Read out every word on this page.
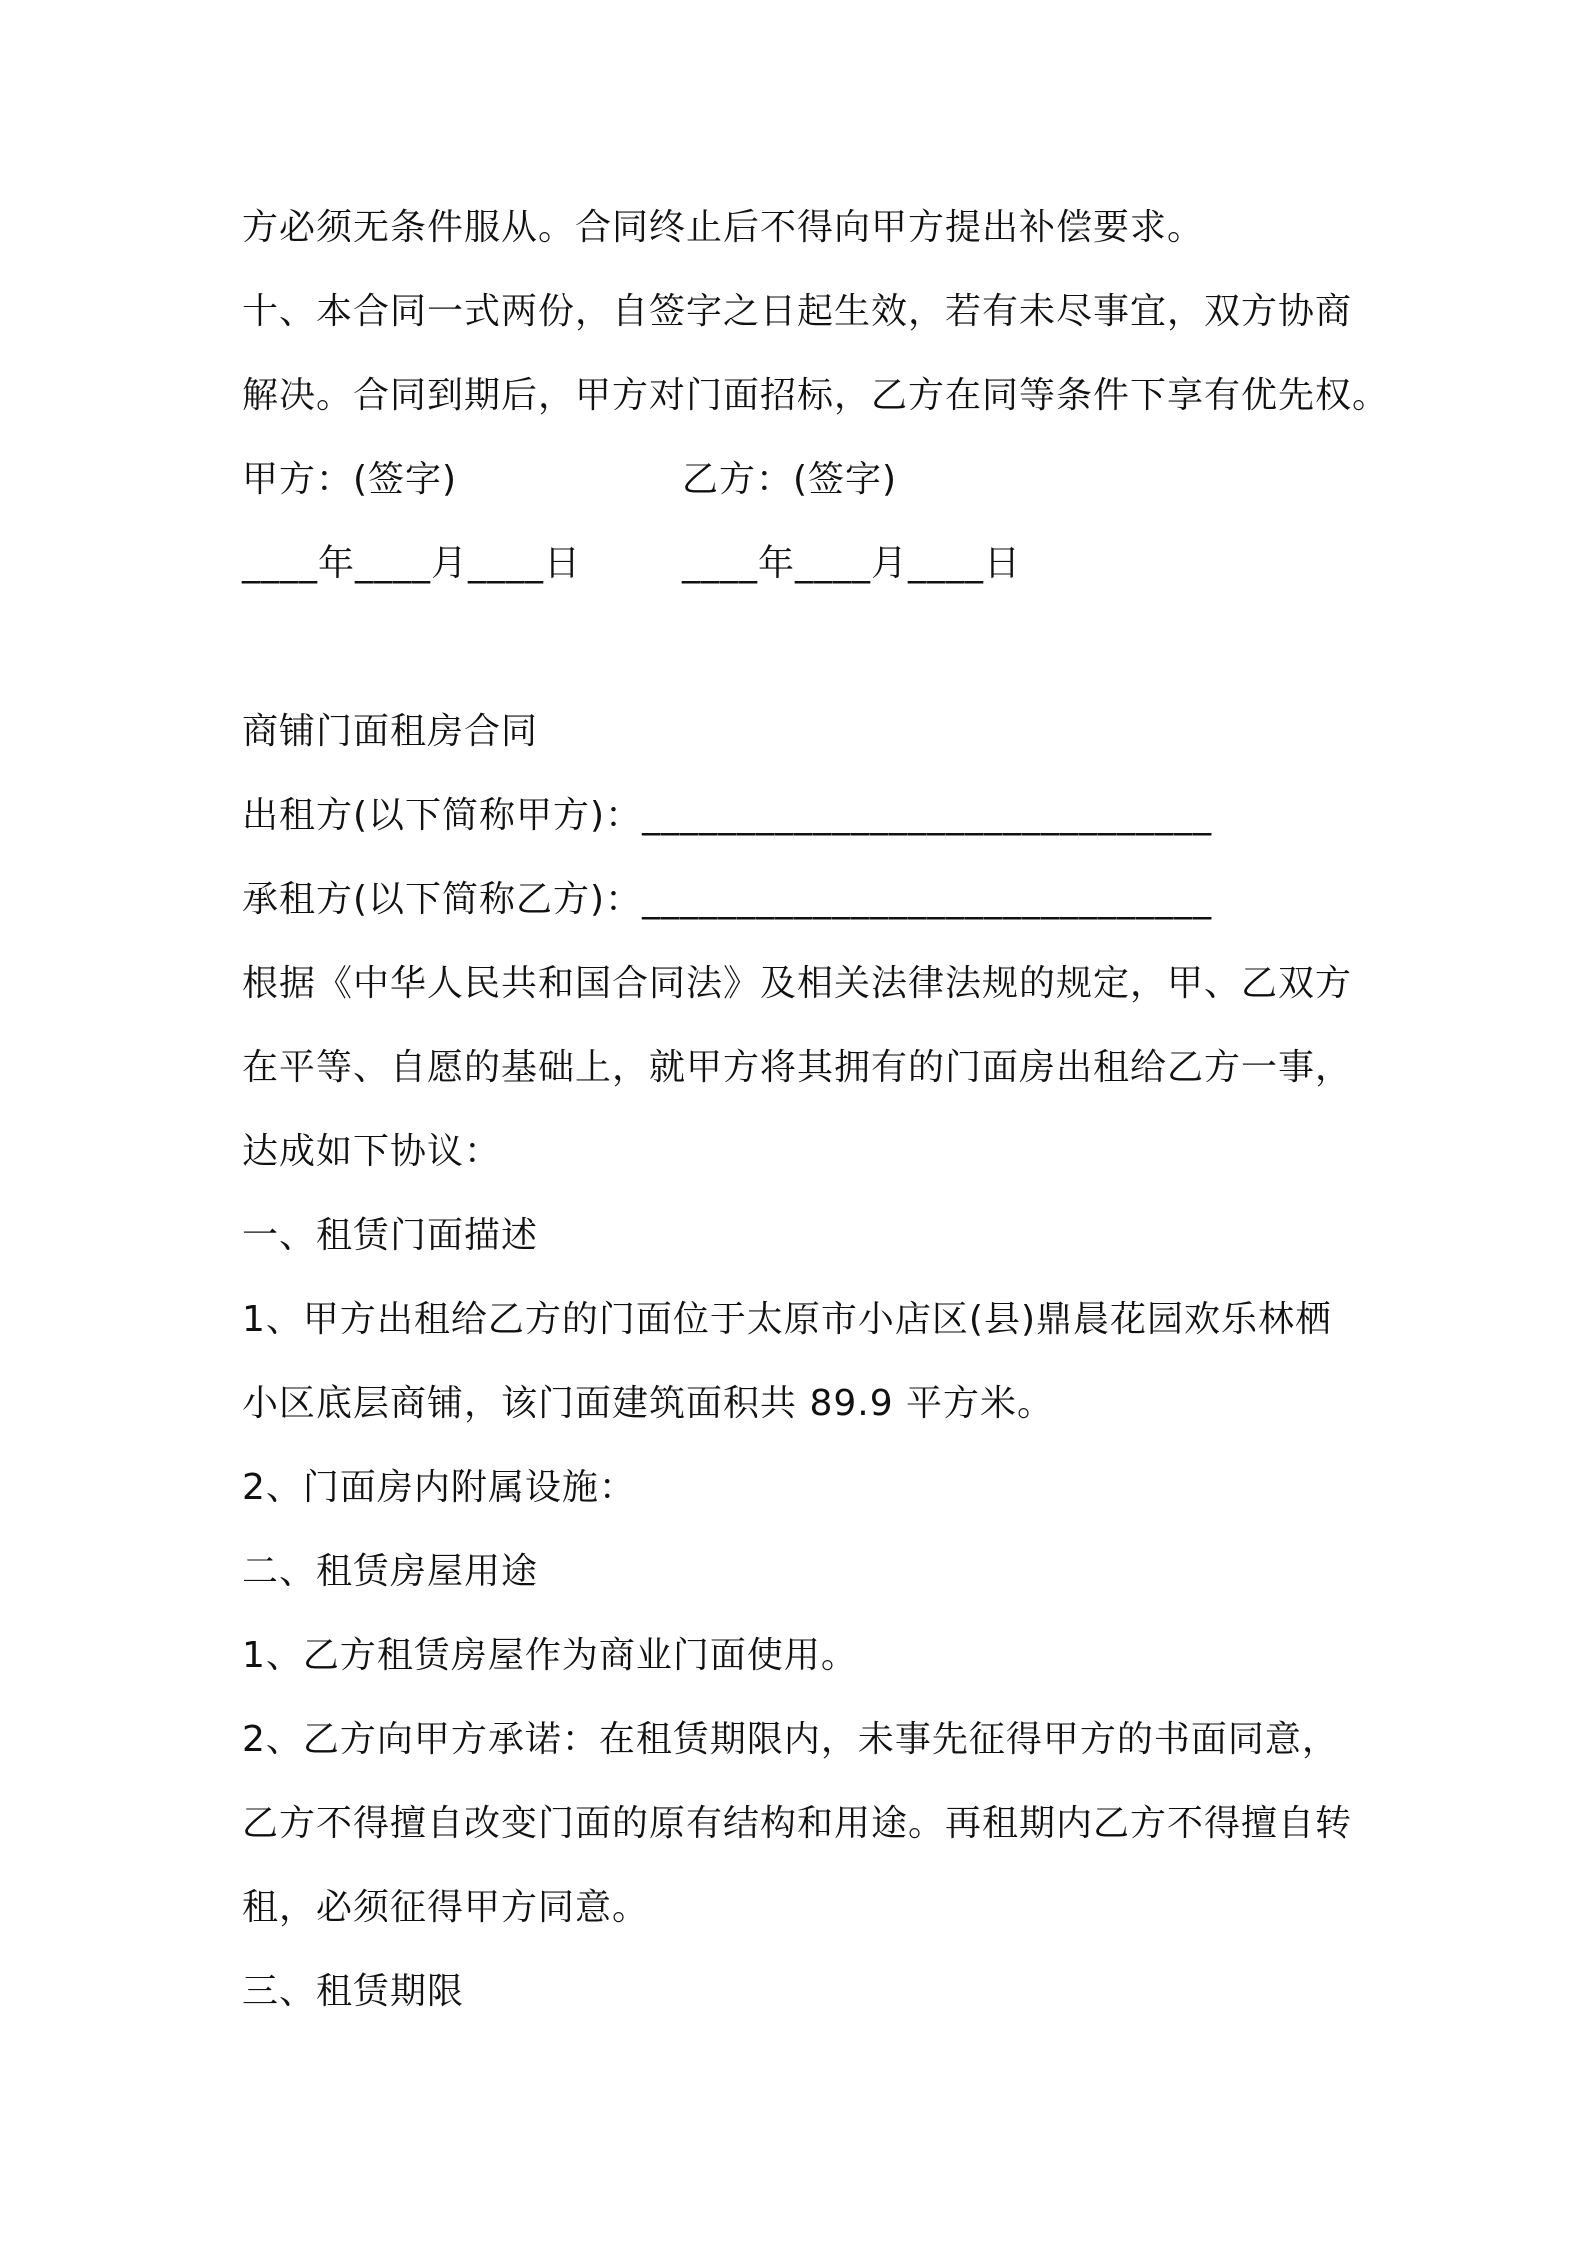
方必须无条件服从。合同终止后不得向甲方提出补偿要求。
十、本合同一式两份，自签字之日起生效，若有未尽事宜，双方协商
解决。合同到期后，甲方对门面招标，乙方在同等条件下享有优先权。
甲方：(签字)	乙方：(签字)
____年____月____日	____年____月____日
商铺门面租房合同
出租方(以下简称甲方)：______________________________
承租方(以下简称乙方)：______________________________
根据《中华人民共和国合同法》及相关法律法规的规定，甲、乙双方
在平等、自愿的基础上，就甲方将其拥有的门面房出租给乙方一事，
达成如下协议：
一、租赁门面描述
1、甲方出租给乙方的门面位于太原市小店区(县)鼎晨花园欢乐林栖
小区底层商铺，该门面建筑面积共 89.9 平方米。
2、门面房内附属设施：
二、租赁房屋用途
1、乙方租赁房屋作为商业门面使用。
2、乙方向甲方承诺：在租赁期限内，未事先征得甲方的书面同意，
乙方不得擅自改变门面的原有结构和用途。再租期内乙方不得擅自转
租，必须征得甲方同意。
三、租赁期限
